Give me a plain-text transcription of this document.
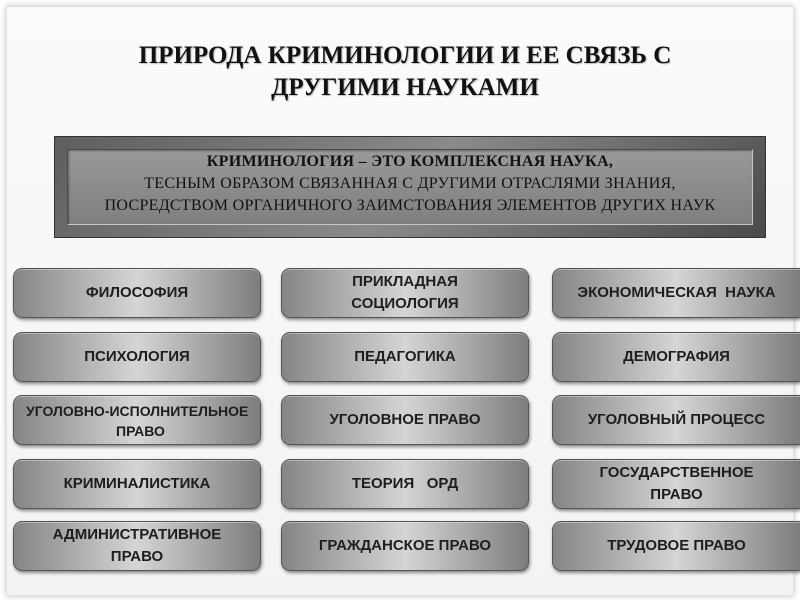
ПРИРОДА КРИМИНОЛОГИИ И ЕЕ СВЯЗЬ С
ДРУГИМИ НАУКАМИ
КРИМИНОЛОГИЯ – ЭТО КОМПЛЕКСНАЯ НАУКА,
ТЕСНЫМ ОБРАЗОМ СВЯЗАННАЯ С ДРУГИМИ ОТРАСЛЯМИ ЗНАНИЯ,
ПОСРЕДСТВОМ ОРГАНИЧНОГО ЗАИМСТОВАНИЯ ЭЛЕМЕНТОВ ДРУГИХ НАУК
ФИЛОСОФИЯ
ПСИХОЛОГИЯ
УГОЛОВНО-ИСПОЛНИТЕЛЬНОЕ
ПРАВО
КРИМИНАЛИСТИКА
АДМИНИСТРАТИВНОЕ
ПРАВО
ПРИКЛАДНАЯ
СОЦИОЛОГИЯ
ПЕДАГОГИКА
УГОЛОВНОЕ ПРАВО
ТЕОРИЯ   ОРД
ГРАЖДАНСКОЕ ПРАВО
ЭКОНОМИЧЕСКАЯ  НАУКА
ДЕМОГРАФИЯ
УГОЛОВНЫЙ ПРОЦЕСС
ГОСУДАРСТВЕННОЕ
ПРАВО
ТРУДОВОЕ ПРАВО
